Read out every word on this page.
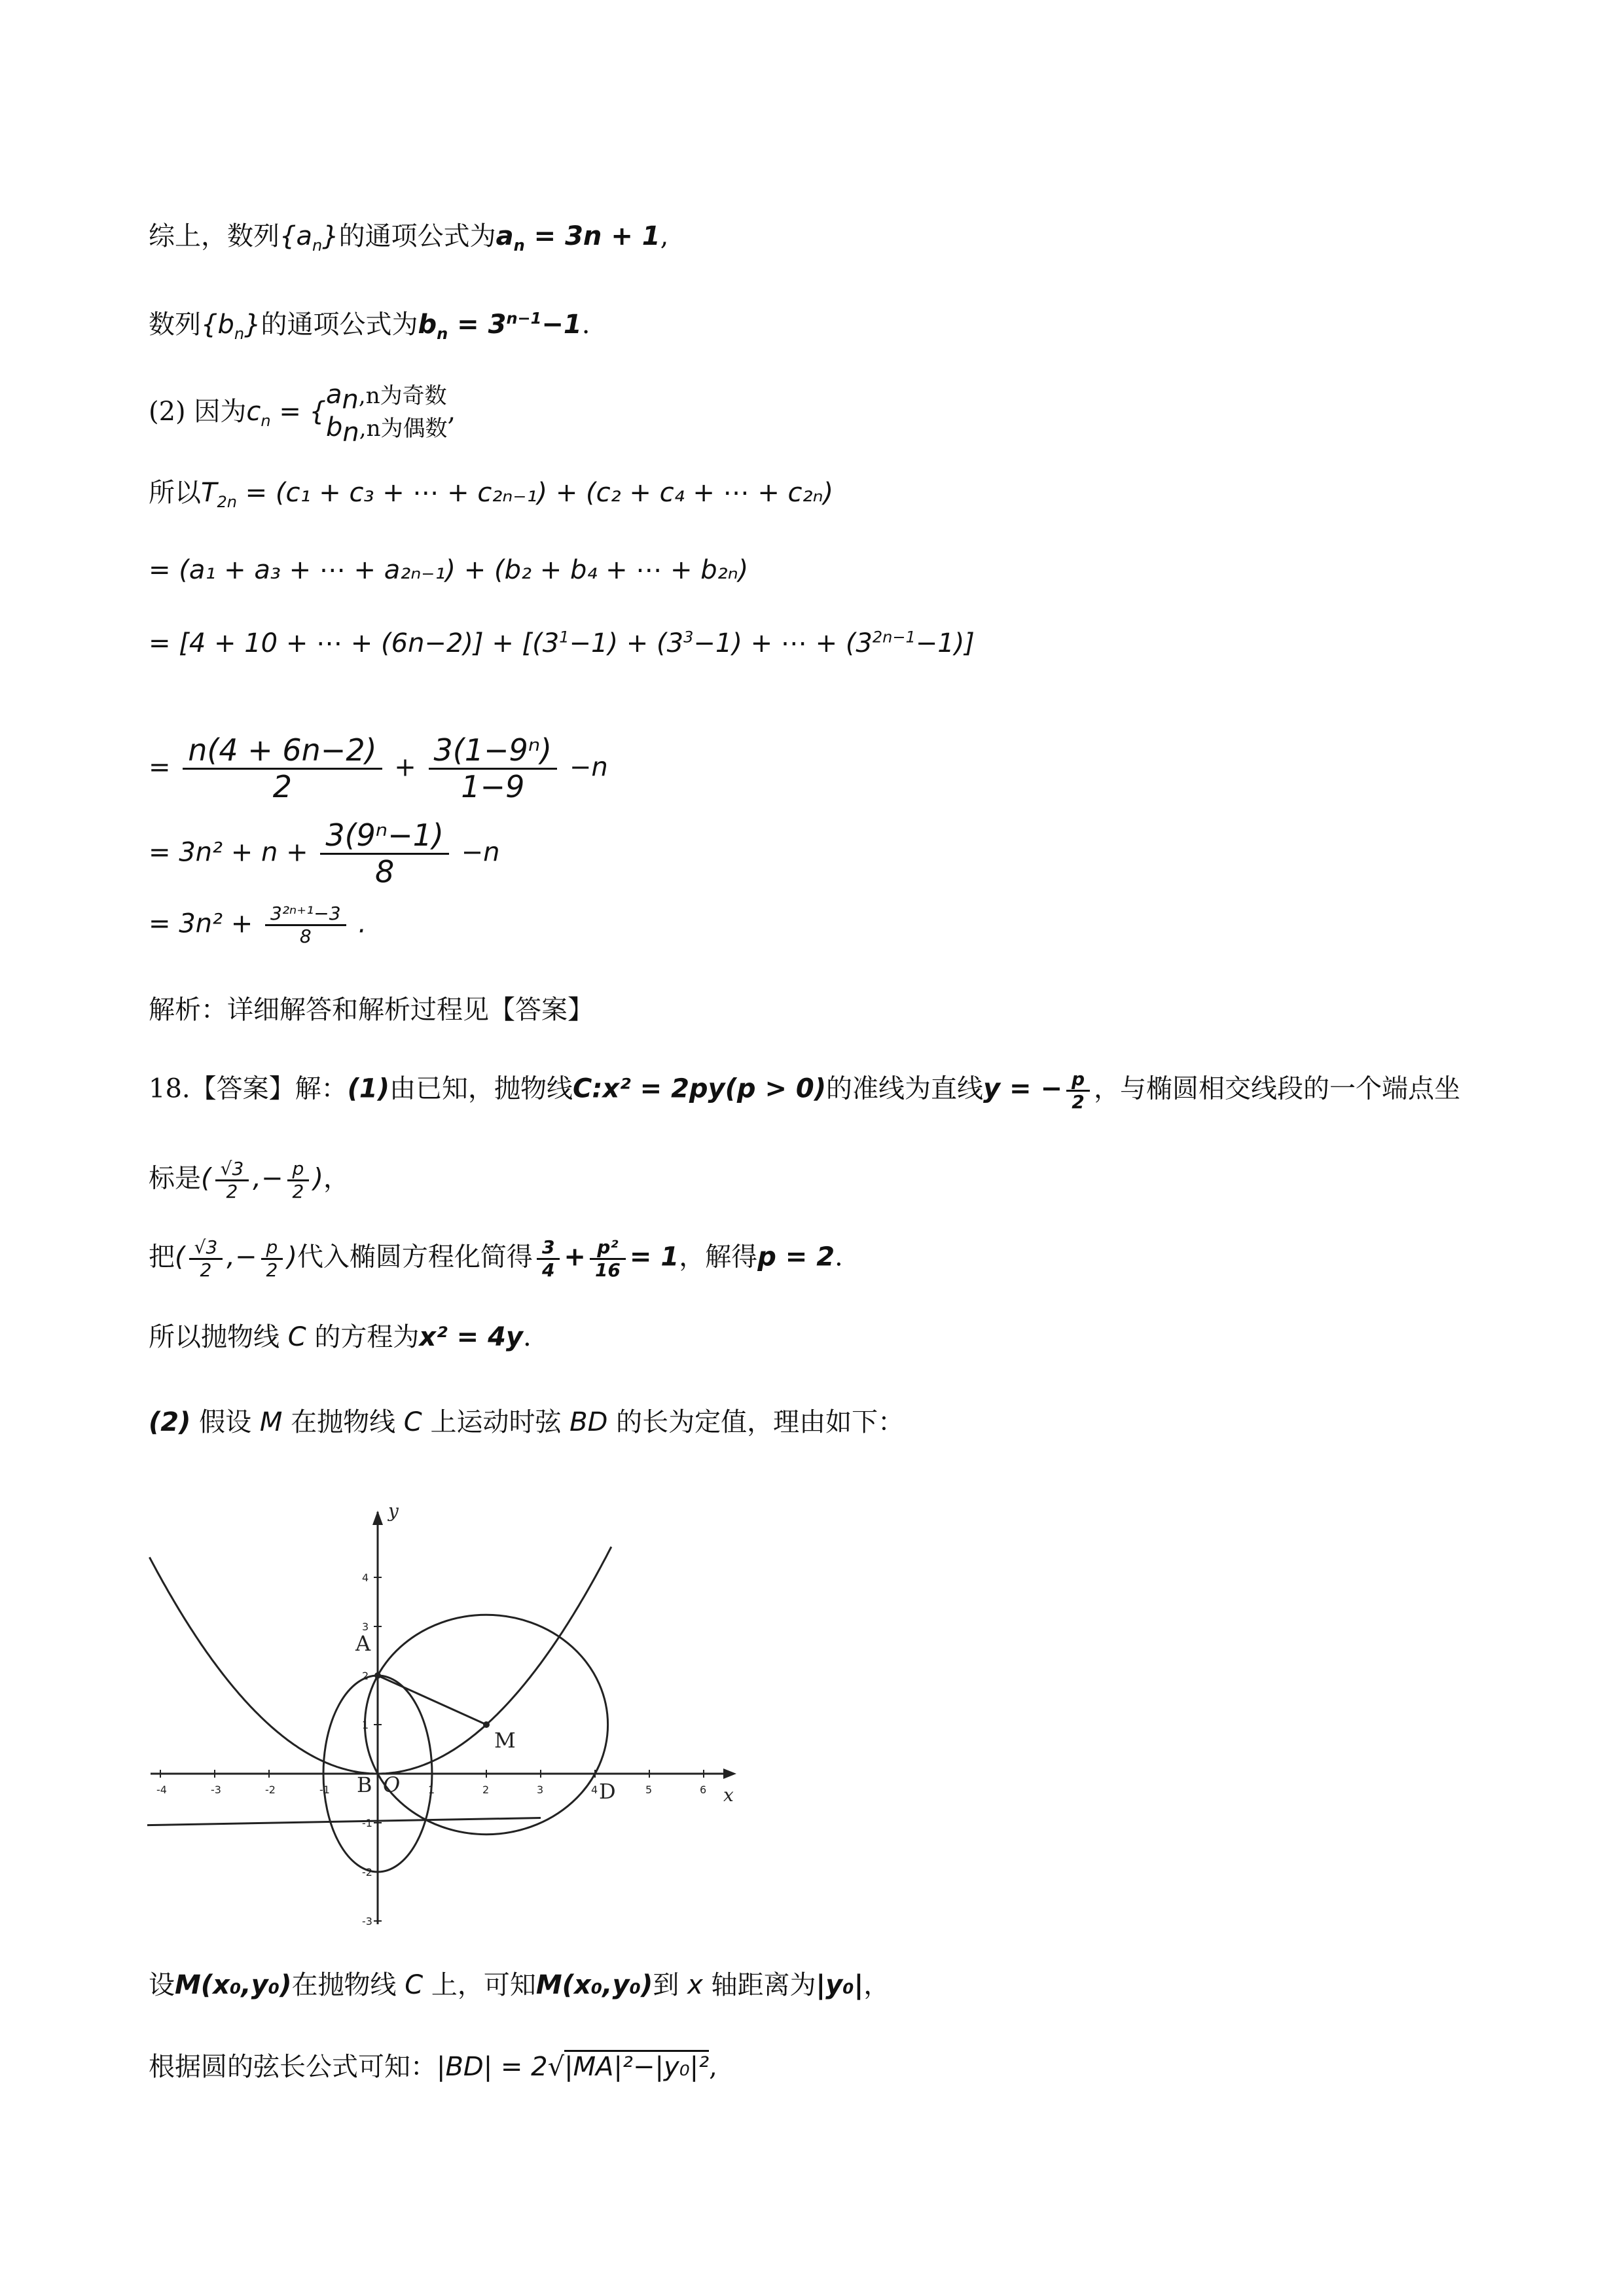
综上，数列$\{a_n\}$的通项公式为$a_n = 3n + 1$,
数列$\{b_n\}$的通项公式为$b_n = 3^{n-1}-1$.
(2) 因为$c_n$ = {
$a_n,n$为奇数
$b_n,n$为偶数
,
所以$T_{2n} = (c_1 + c_3$ + ⋯ + c₂ₙ₋₁) + (c₂ + c₄ + ⋯ + c₂ₙ)
= (a₁ + a₃ + ⋯ + a₂ₙ₋₁) + (b₂ + b₄ + ⋯ + b₂ₙ)
= [4 + 10 + ⋯ + $(6n-2)] + [(3^1-1) + (3^3-1)$ + ⋯ + $(3^{2n-1}-1)$]
= $\frac{n(4 + 6n-2)}{2} + \frac{\text{3(1−9ⁿ)}}{1-9} -n$
= $3n^2 + n + \frac{\text{3(9ⁿ−1)}}{8} -n$
= $3n^2 + \frac{\text{3²ⁿ⁺¹−3}}{8}$ .
解析：详细解答和解析过程见【答案】
18.【答案】解：(1)由已知，抛物线C:x² = 2py(p > 0)的准线为直线y = − $\frac{p}{2}$ ，与椭圆相交线段的一个端点坐
标是( $\frac{√3}{2}$ ,− $\frac{p}{2}$ )，
把( $\frac{√3}{2}$ ,− $\frac{p}{2}$ )代入椭圆方程化简得 $\frac{3}{4} + \frac{\text{p²}}{16} = 1$，解得p = 2.
所以抛物线 C 的方程为x² = 4y.
(2) 假设 M 在抛物线 C 上运动时弦 BD 的长为定值，理由如下：
-4	-3	-2	-1	1	2	3	4	5	6
4
3
2
1
-1
-2
-3
x
y
A
B O
M
D
设M(x₀,y₀)在抛物线 C 上，可知M(x₀,y₀)到 x 轴距离为|y₀|，
根据圆的弦长公式可知：|BD| = 2√|MA|²−|y₀|²,
